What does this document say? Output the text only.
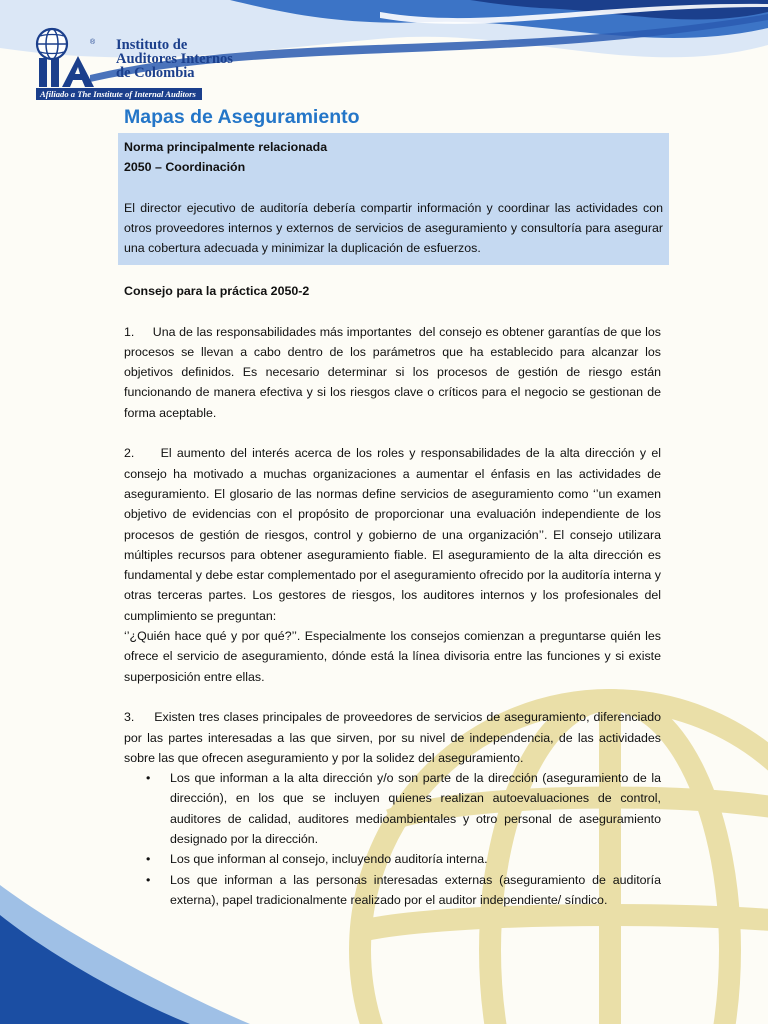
® Instituto de
Auditores Internos
de Colombia
Afiliado a The Institute of Internal Auditors
Mapas de Aseguramiento
Norma principalmente relacionada
2050 – Coordinación
El director ejecutivo de auditoría debería compartir información y coordinar las actividades con otros proveedores internos y externos de servicios de aseguramiento y consultoría para asegurar una cobertura adecuada y minimizar la duplicación de esfuerzos.

Consejo para la práctica 2050-2

1.     Una de las responsabilidades más importantes  del consejo es obtener garantías de que los procesos se llevan a cabo dentro de los parámetros que ha establecido para alcanzar los objetivos definidos. Es necesario determinar si los procesos de gestión de riesgo están funcionando de manera efectiva y si los riesgos clave o críticos para el negocio se gestionan de forma aceptable.

2.     El aumento del interés acerca de los roles y responsabilidades de la alta dirección y el consejo ha motivado a muchas organizaciones a aumentar el énfasis en las actividades de aseguramiento. El glosario de las normas define servicios de aseguramiento como ‘’un examen objetivo de evidencias con el propósito de proporcionar una evaluación independiente de los procesos de gestión de riesgos, control y gobierno de una organización’’. El consejo utilizara múltiples recursos para obtener aseguramiento fiable. El aseguramiento de la alta dirección es fundamental y debe estar complementado por el aseguramiento ofrecido por la auditoría interna y otras terceras partes. Los gestores de riesgos, los auditores internos y los profesionales del cumplimiento se preguntan:

‘’¿Quién hace qué y por qué?’’. Especialmente los consejos comienzan a preguntarse quién les ofrece el servicio de aseguramiento, dónde está la línea divisoria entre las funciones y si existe superposición entre ellas.

3.     Existen tres clases principales de proveedores de servicios de aseguramiento, diferenciado por las partes interesadas a las que sirven, por su nivel de independencia, de las actividades sobre las que ofrecen aseguramiento y por la solidez del aseguramiento.

• Los que informan a la alta dirección y/o son parte de la dirección (aseguramiento de la dirección), en los que se incluyen quienes realizan autoevaluaciones de control, auditores de calidad, auditores medioambientales y otro personal de aseguramiento designado por la dirección.
• Los que informan al consejo, incluyendo auditoría interna.
• Los que informan a las personas interesadas externas (aseguramiento de auditoría externa), papel tradicionalmente realizado por el auditor independiente/ síndico.
